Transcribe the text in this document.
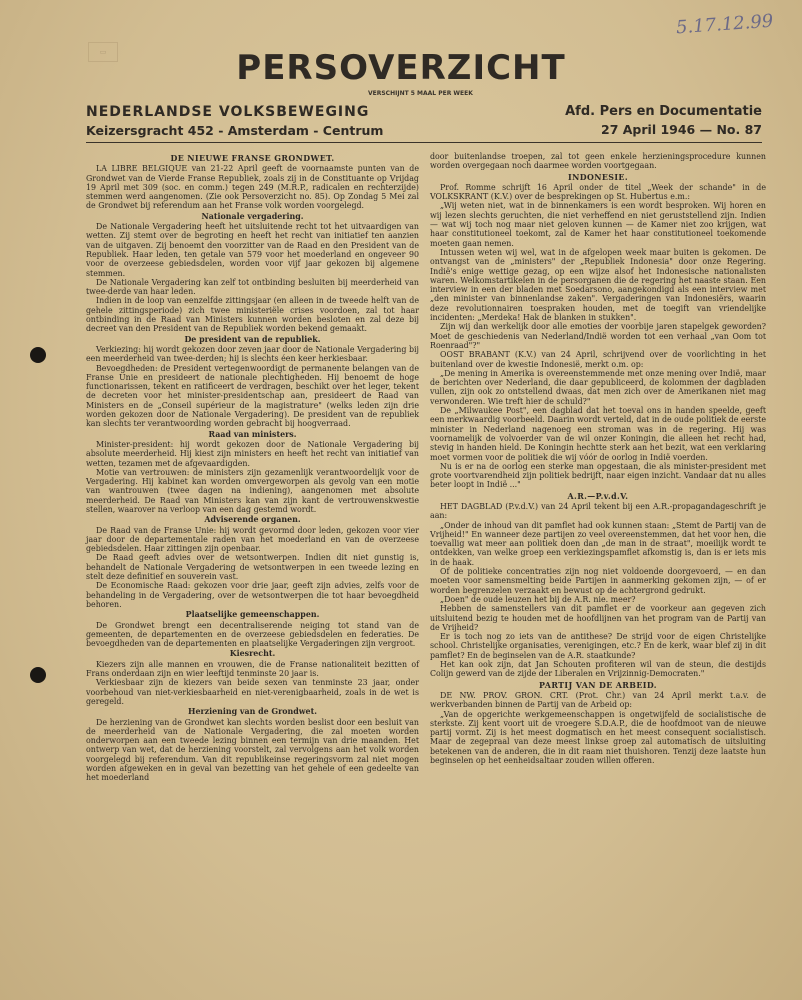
▭
5.17.12.99
PERSOVERZICHT
VERSCHIJNT 5 MAAL PER WEEK
NEDERLANDSE VOLKSBEWEGING
Keizersgracht 452 - Amsterdam - Centrum
Afd. Pers en Documentatie
27 April 1946 — No. 87
DE NIEUWE FRANSE GRONDWET.

LA LIBRE BELGIQUE van 21-22 April geeft de voornaamste punten van de Grondwet van de Vierde Franse Republiek, zoals zij in de Constituante op Vrijdag 19 April met 309 (soc. en comm.) tegen 249 (M.R.P., radicalen en rechterzijde) stemmen werd aangenomen. (Zie ook Persoverzicht no. 85). Op Zondag 5 Mei zal de Grondwet bij referendum aan het Franse volk worden voorgelegd.

Nationale vergadering.

De Nationale Vergadering heeft het uitsluitende recht tot het uitvaardigen van wetten. Zij stemt over de begroting en heeft het recht van initiatief ten aanzien van de uitgaven. Zij benoemt den voorzitter van de Raad en den President van de Republiek. Haar leden, ten getale van 579 voor het moederland en ongeveer 90 voor de overzeese gebiedsdelen, worden voor vijf jaar gekozen bij algemene stemmen.

De Nationale Vergadering kan zelf tot ontbinding besluiten bij meerderheid van twee-derde van haar leden.

Indien in de loop van eenzelfde zittingsjaar (en alleen in de tweede helft van de gehele zittingsperiode) zich twee ministeriële crises voordoen, zal tot haar ontbinding in de Raad van Ministers kunnen worden besloten en zal deze bij decreet van den President van de Republiek worden bekend gemaakt.

De president van de republiek.

Verkiezing: hij wordt gekozen door zeven jaar door de Nationale Vergadering bij een meerderheid van twee-derden; hij is slechts éen keer herkiesbaar.

Bevoegdheden: de President vertegenwoordigt de permanente belangen van de Franse Unie en presideert de nationale plechtigheden. Hij benoemt de hoge functionarissen, tekent en ratificeert de verdragen, beschikt over het leger, tekent de decreten voor het minister-presidentschap aan, presideert de Raad van Ministers en de „Conseil supérieur de la magistrature" (welks leden zijn drie worden gekozen door de Nationale Vergadering). De president van de republiek kan slechts ter verantwoording worden gebracht bij hoogverraad.

Raad van ministers.

Minister-president: hij wordt gekozen door de Nationale Vergadering bij absolute meerderheid. Hij kiest zijn ministers en heeft het recht van initiatief van wetten, tezamen met de afgevaardigden.

Motie van vertrouwen: de ministers zijn gezamenlijk verantwoordelijk voor de Vergadering. Hij kabinet kan worden omvergeworpen als gevolg van een motie van wantrouwen (twee dagen na indiening), aangenomen met absolute meerderheid. De Raad van Ministers kan van zijn kant de vertrouwenskwestie stellen, waarover na verloop van een dag gestemd wordt.

Adviserende organen.

De Raad van de Franse Unie: hij wordt gevormd door leden, gekozen voor vier jaar door de departementale raden van het moederland en van de overzeese gebiedsdelen. Haar zittingen zijn openbaar.

De Raad geeft advies over de wetsontwerpen. Indien dit niet gunstig is, behandelt de Nationale Vergadering de wetsontwerpen in een tweede lezing en stelt deze definitief en souverein vast.

De Economische Raad: gekozen voor drie jaar, geeft zijn advies, zelfs voor de behandeling in de Vergadering, over de wetsontwerpen die tot haar bevoegdheid behoren.

Plaatselijke gemeenschappen.

De Grondwet brengt een decentraliserende neiging tot stand van de gemeenten, de departementen en de overzeese gebiedsdelen en federaties. De bevoegdheden van de departementen en plaatselijke Vergaderingen zijn vergroot.

Kiesrecht.

Kiezers zijn alle mannen en vrouwen, die de Franse nationaliteit bezitten of Frans onderdaan zijn en wier leeftijd tenminste 20 jaar is.

Verkiesbaar zijn de kiezers van beide sexen van tenminste 23 jaar, onder voorbehoud van niet-verkiesbaarheid en niet-verenigbaarheid, zoals in de wet is geregeld.

Herziening van de Grondwet.

De herziening van de Grondwet kan slechts worden beslist door een besluit van de meerderheid van de Nationale Vergadering, die zal moeten worden onderworpen aan een tweede lezing binnen een termijn van drie maanden. Het ontwerp van wet, dat de herziening voorstelt, zal vervolgens aan het volk worden voorgelegd bij referendum. Van dit republikeinse regeringsvorm zal niet mogen worden afgeweken en in geval van bezetting van het gehele of een gedeelte van het moederland

door buitenlandse troepen, zal tot geen enkele herzieningsprocedure kunnen worden overgegaan noch daarmee worden voortgegaan.

INDONESIE.

Prof. Romme schrijft 16 April onder de titel „Week der schande" in de VOLKSKRANT (K.V.) over de besprekingen op St. Hubertus e.m.:

„Wij weten niet, wat in de binnenkamers is een wordt besproken. Wij horen en wij lezen slechts geruchten, die niet verheffend en niet geruststellend zijn. Indien — wat wij toch nog maar niet geloven kunnen — de Kamer niet zoo krijgen, wat haar constitutioneel toekomt, zal de Kamer het haar constitutioneel toekomende moeten gaan nemen.

Intussen weten wij wel, wat in de afgelopen week maar buiten is gekomen. De ontvangst van de „ministers" der „Republiek Indonesia" door onze Regering. Indië's enige wettige gezag, op een wijze alsof het Indonesische nationalisten waren. Welkomstartikelen in de persorganen die de regering het naaste staan. Een interview in een der bladen met Soedarsono, aangekondigd als een interview met „den minister van binnenlandse zaken". Vergaderingen van Indonesiërs, waarin deze revolutionnairen toespraken houden, met de toegift van vriendelijke incidenten: „Merdeka! Hak de blanken in stukken".

Zijn wij dan werkelijk door alle emoties der voorbije jaren stapelgek geworden? Moet de geschiedenis van Nederland/Indië worden tot een verhaal „van Oom tot Roenraad"?"

OOST BRABANT (K.V.) van 24 April, schrijvend over de voorlichting in het buitenland over de kwestie Indonesië, merkt o.m. op:

„De mening in Amerika is overeenstemmende met onze mening over Indië, maar de berichten over Nederland, die daar gepubliceerd, de kolommen der dagbladen vullen, zijn ook zo ontstellend dwaas, dat men zich over de Amerikanen niet mag verwonderen. Wie treft hier de schuld?"

De „Milwaukee Post", een dagblad dat het toeval ons in handen speelde, geeft een merkwaardig voorbeeld. Daarin wordt verteld, dat in de oude politiek de eerste minister in Nederland nagenoeg een stroman was in de regering. Hij was voornamelijk de volvoerder van de wil onzer Koningin, die alleen het recht had, stevig in handen hield. De Koningin hechtte sterk aan het bezit, wat een verklaring moet vormen voor de politiek die wij vóór de oorlog in Indië voerden.

Nu is er na de oorlog een sterke man opgestaan, die als minister-president met grote voortvarendheid zijn politiek bedrijft, naar eigen inzicht. Vandaar dat nu alles beter loopt in Indië ..."

A.R.—P.v.d.V.

HET DAGBLAD (P.v.d.V.) van 24 April tekent bij een A.R.-propagandageschrift je aan:

„Onder de inhoud van dit pamflet had ook kunnen staan: „Stemt de Partij van de Vrijheid!" En wanneer deze partijen zo veel overeenstemmen, dat het voor hen, die toevallig wat meer aan politiek doen dan „de man in de straat", moeilijk wordt te ontdekken, van welke groep een verkiezingspamflet afkomstig is, dan is er iets mis in de haak.

Of de politieke concentraties zijn nog niet voldoende doorgevoerd, — en dan moeten voor samensmelting beide Partijen in aanmerking gekomen zijn, — of er worden begrenzelen verzaakt en bewust op de achtergrond gedrukt.

„Doen" de oude leuzen het bij de A.R. nie. meer?

Hebben de samenstellers van dit pamflet er de voorkeur aan gegeven zich uitsluitend bezig te houden met de hoofdlijnen van het program van de Partij van de Vrijheid?

Er is toch nog zo iets van de antithese? De strijd voor de eigen Christelijke school. Christelijke organisaties, verenigingen, etc.? En de kerk, waar blef zij in dit pamflet? En de beginselen van de A.R. staatkunde?

Het kan ook zijn, dat Jan Schouten profiteren wil van de steun, die destijds Colijn gewerd van de zijde der Liberalen en Vrijzinnig-Democraten."

PARTIJ VAN DE ARBEID.

DE NW. PROV. GRON. CRT. (Prot. Chr.) van 24 April merkt t.a.v. de werkverbanden binnen de Partij van de Arbeid op:

„Van de opgerichte werkgemeenschappen is ongetwijfeld de socialistische de sterkste. Zij kent voort uit de vroegere S.D.A.P., die de hoofdmoot van de nieuwe partij vormt. Zij is het meest dogmatisch en het meest consequent socialistisch. Maar de zegepraal van deze meest linkse groep zal automatisch de uitsluiting betekenen van de anderen, die in dit raam niet thuishoren. Tenzij deze laatste hun beginselen op het eenheidsaltaar zouden willen offeren.
